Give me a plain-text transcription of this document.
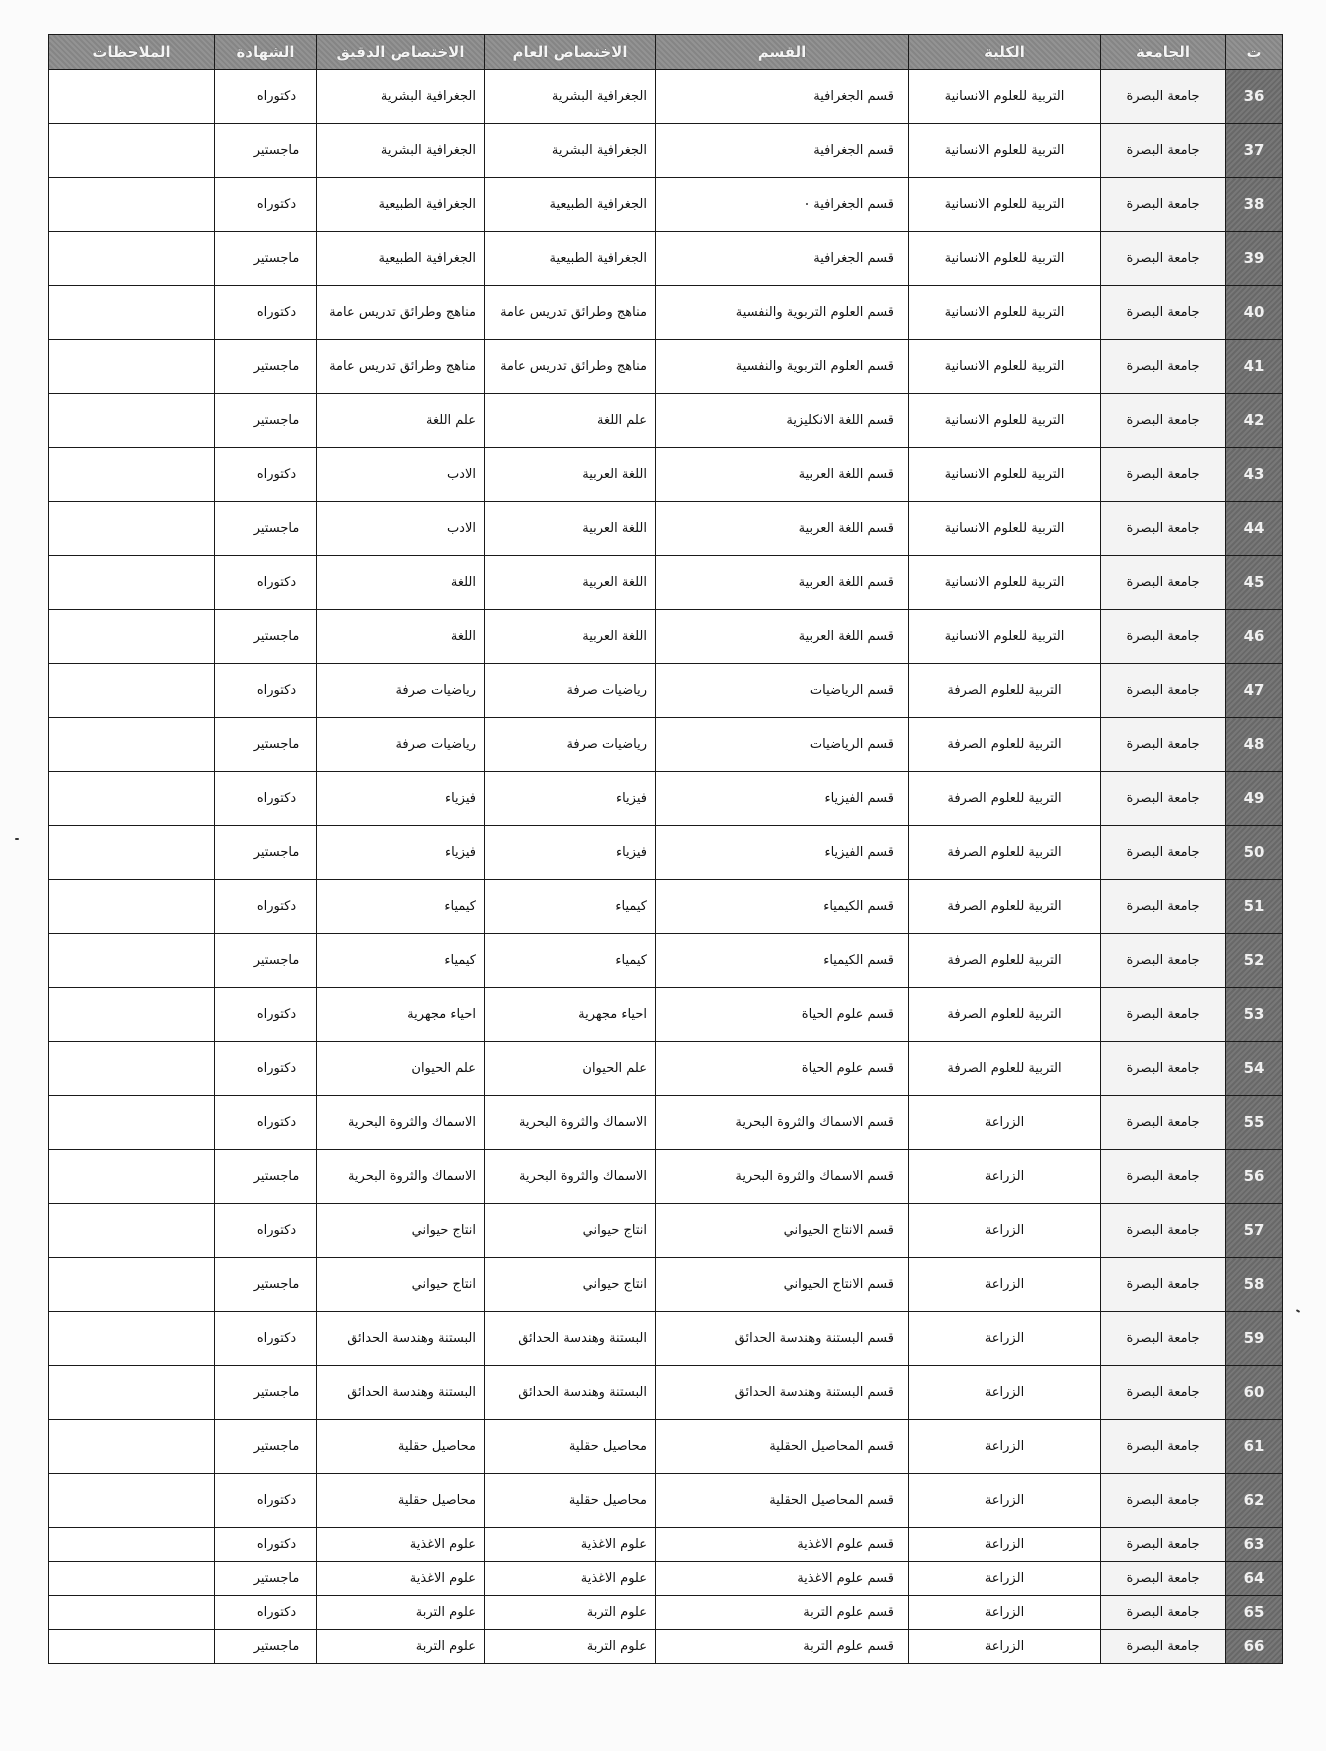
ت	الجامعة	الكلية	القسم	الاختصاص العام	الاختصاص الدقيق	الشهادة	الملاحظات
36	جامعة البصرة	التربية للعلوم الانسانية	قسم الجغرافية	الجغرافية البشرية	الجغرافية البشرية	دكتوراه	
37	جامعة البصرة	التربية للعلوم الانسانية	قسم الجغرافية	الجغرافية البشرية	الجغرافية البشرية	ماجستير	
38	جامعة البصرة	التربية للعلوم الانسانية	قسم الجغرافية	الجغرافية الطبيعية	الجغرافية الطبيعية	دكتوراه	
39	جامعة البصرة	التربية للعلوم الانسانية	قسم الجغرافية	الجغرافية الطبيعية	الجغرافية الطبيعية	ماجستير	
40	جامعة البصرة	التربية للعلوم الانسانية	قسم العلوم التربوية والنفسية	مناهج وطرائق تدريس عامة	مناهج وطرائق تدريس عامة	دكتوراه	
41	جامعة البصرة	التربية للعلوم الانسانية	قسم العلوم التربوية والنفسية	مناهج وطرائق تدريس عامة	مناهج وطرائق تدريس عامة	ماجستير	
42	جامعة البصرة	التربية للعلوم الانسانية	قسم اللغة الانكليزية	علم اللغة	علم اللغة	ماجستير	
43	جامعة البصرة	التربية للعلوم الانسانية	قسم اللغة العربية	اللغة العربية	الادب	دكتوراه	
44	جامعة البصرة	التربية للعلوم الانسانية	قسم اللغة العربية	اللغة العربية	الادب	ماجستير	
45	جامعة البصرة	التربية للعلوم الانسانية	قسم اللغة العربية	اللغة العربية	اللغة	دكتوراه	
46	جامعة البصرة	التربية للعلوم الانسانية	قسم اللغة العربية	اللغة العربية	اللغة	ماجستير	
47	جامعة البصرة	التربية للعلوم الصرفة	قسم الرياضيات	رياضيات صرفة	رياضيات صرفة	دكتوراه	
48	جامعة البصرة	التربية للعلوم الصرفة	قسم الرياضيات	رياضيات صرفة	رياضيات صرفة	ماجستير	
49	جامعة البصرة	التربية للعلوم الصرفة	قسم الفيزياء	فيزياء	فيزياء	دكتوراه	
50	جامعة البصرة	التربية للعلوم الصرفة	قسم الفيزياء	فيزياء	فيزياء	ماجستير	
51	جامعة البصرة	التربية للعلوم الصرفة	قسم الكيمياء	كيمياء	كيمياء	دكتوراه	
52	جامعة البصرة	التربية للعلوم الصرفة	قسم الكيمياء	كيمياء	كيمياء	ماجستير	
53	جامعة البصرة	التربية للعلوم الصرفة	قسم علوم الحياة	احياء مجهرية	احياء مجهرية	دكتوراه	
54	جامعة البصرة	التربية للعلوم الصرفة	قسم علوم الحياة	علم الحيوان	علم الحيوان	دكتوراه	
55	جامعة البصرة	الزراعة	قسم الاسماك والثروة البحرية	الاسماك والثروة البحرية	الاسماك والثروة البحرية	دكتوراه	
56	جامعة البصرة	الزراعة	قسم الاسماك والثروة البحرية	الاسماك والثروة البحرية	الاسماك والثروة البحرية	ماجستير	
57	جامعة البصرة	الزراعة	قسم الانتاج الحيواني	انتاج حيواني	انتاج حيواني	دكتوراه	
58	جامعة البصرة	الزراعة	قسم الانتاج الحيواني	انتاج حيواني	انتاج حيواني	ماجستير	
59	جامعة البصرة	الزراعة	قسم البستنة وهندسة الحدائق	البستنة وهندسة الحدائق	البستنة وهندسة الحدائق	دكتوراه	
60	جامعة البصرة	الزراعة	قسم البستنة وهندسة الحدائق	البستنة وهندسة الحدائق	البستنة وهندسة الحدائق	ماجستير	
61	جامعة البصرة	الزراعة	قسم المحاصيل الحقلية	محاصيل حقلية	محاصيل حقلية	ماجستير	
62	جامعة البصرة	الزراعة	قسم المحاصيل الحقلية	محاصيل حقلية	محاصيل حقلية	دكتوراه	
63	جامعة البصرة	الزراعة	قسم علوم الاغذية	علوم الاغذية	علوم الاغذية	دكتوراه	
64	جامعة البصرة	الزراعة	قسم علوم الاغذية	علوم الاغذية	علوم الاغذية	ماجستير	
65	جامعة البصرة	الزراعة	قسم علوم التربة	علوم التربة	علوم التربة	دكتوراه	
66	جامعة البصرة	الزراعة	قسم علوم التربة	علوم التربة	علوم التربة	ماجستير	
